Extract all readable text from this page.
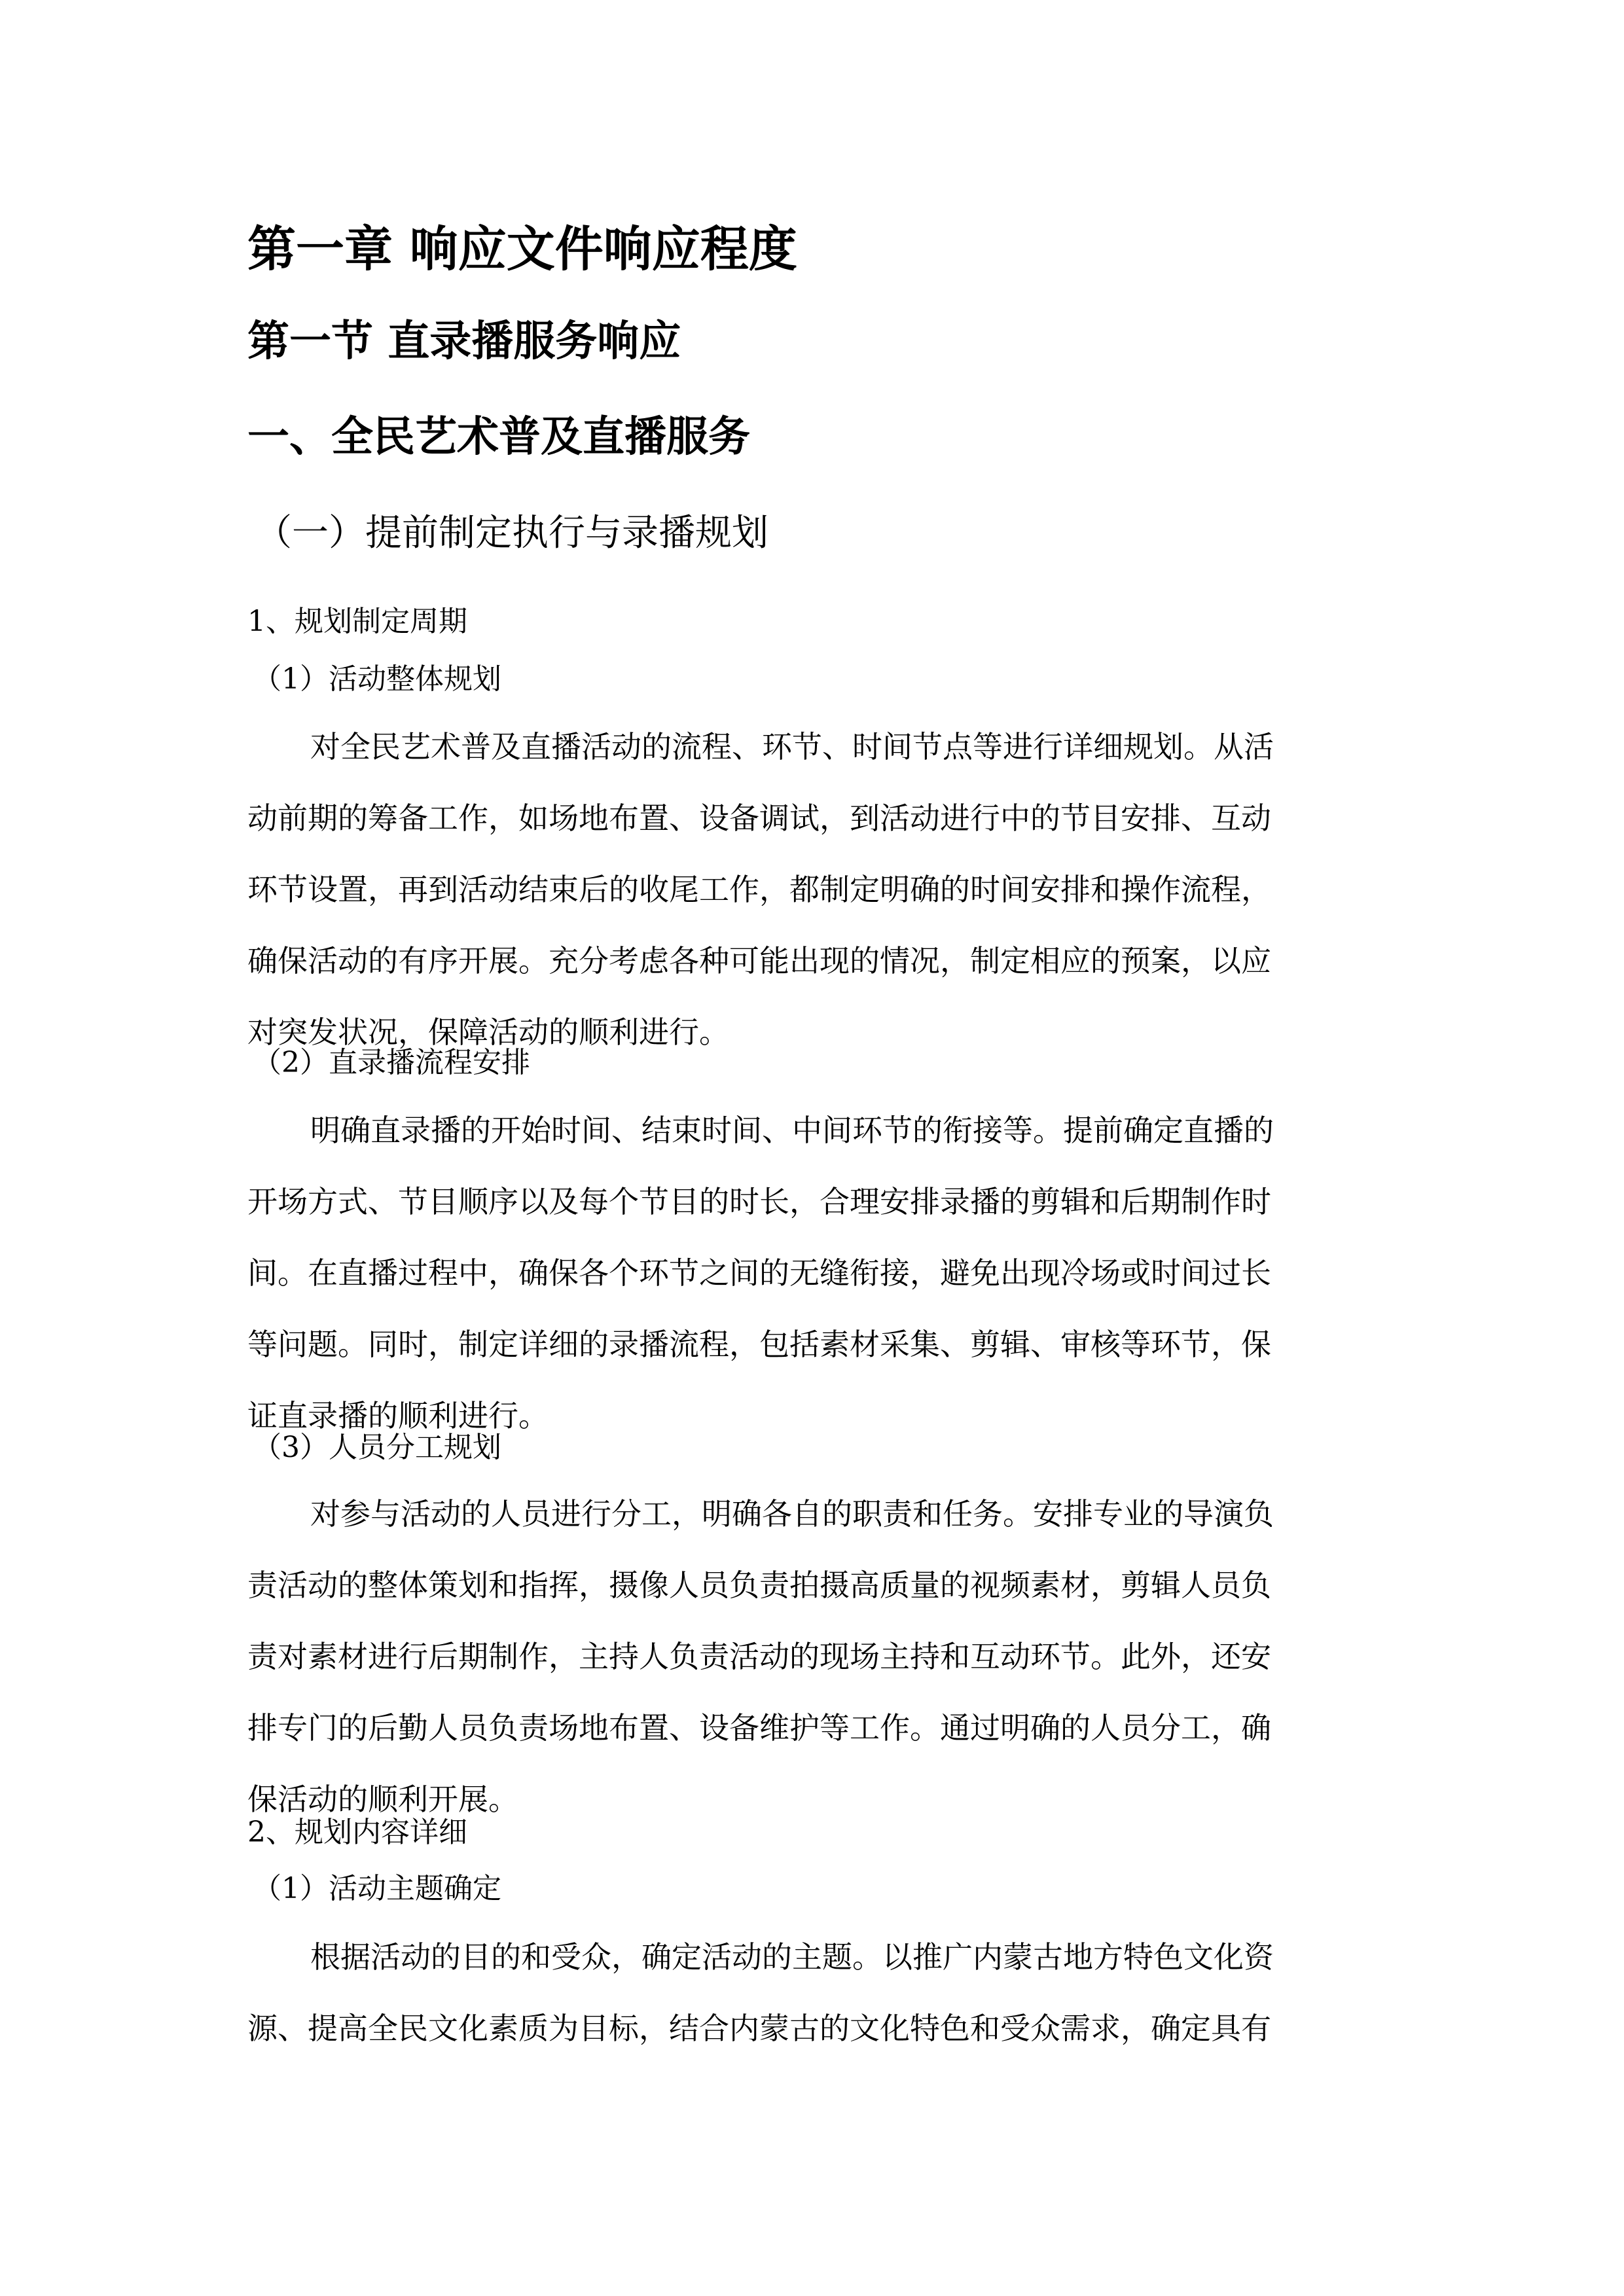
第一章 响应文件响应程度
第一节 直录播服务响应
一、全民艺术普及直播服务
（一）提前制定执行与录播规划

1、规划制定周期

（1）活动整体规划

对全民艺术普及直播活动的流程、环节、时间节点等进行详细规划。从活
动前期的筹备工作，如场地布置、设备调试，到活动进行中的节目安排、互动
环节设置，再到活动结束后的收尾工作，都制定明确的时间安排和操作流程，
确保活动的有序开展。充分考虑各种可能出现的情况，制定相应的预案，以应
对突发状况，保障活动的顺利进行。

（2）直录播流程安排

明确直录播的开始时间、结束时间、中间环节的衔接等。提前确定直播的
开场方式、节目顺序以及每个节目的时长，合理安排录播的剪辑和后期制作时
间。在直播过程中，确保各个环节之间的无缝衔接，避免出现冷场或时间过长
等问题。同时，制定详细的录播流程，包括素材采集、剪辑、审核等环节，保
证直录播的顺利进行。

（3）人员分工规划

对参与活动的人员进行分工，明确各自的职责和任务。安排专业的导演负
责活动的整体策划和指挥，摄像人员负责拍摄高质量的视频素材，剪辑人员负
责对素材进行后期制作，主持人负责活动的现场主持和互动环节。此外，还安
排专门的后勤人员负责场地布置、设备维护等工作。通过明确的人员分工，确
保活动的顺利开展。

2、规划内容详细

（1）活动主题确定

根据活动的目的和受众，确定活动的主题。以推广内蒙古地方特色文化资
源、提高全民文化素质为目标，结合内蒙古的文化特色和受众需求，确定具有
